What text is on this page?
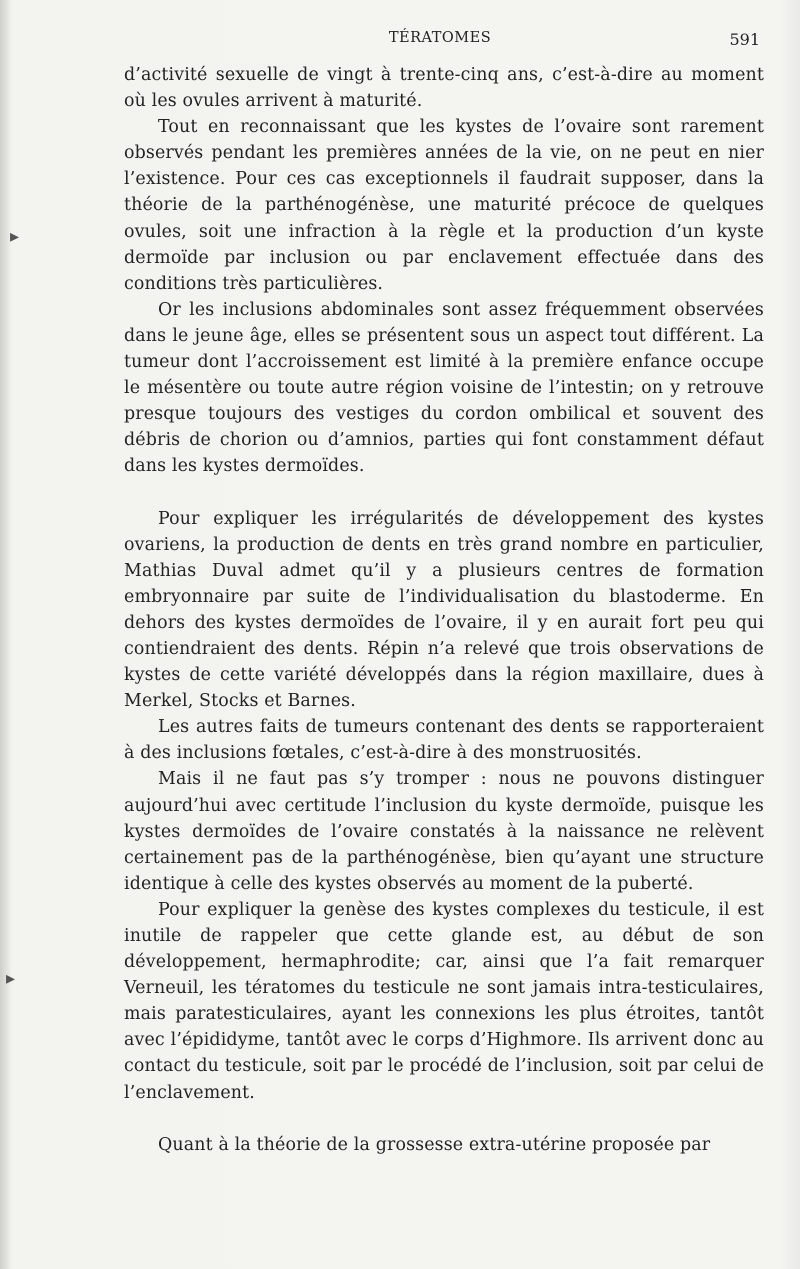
TÉRATOMES	591

d’activité sexuelle de vingt à trente-cinq ans, c’est-à-dire au moment où les ovules arrivent à maturité.

Tout en reconnaissant que les kystes de l’ovaire sont rarement observés pendant les premières années de la vie, on ne peut en nier l’existence. Pour ces cas exceptionnels il faudrait supposer, dans la théorie de la parthénogénèse, une maturité précoce de quelques ovules, soit une infraction à la règle et la production d’un kyste dermoïde par inclusion ou par enclavement effectuée dans des conditions très particulières.

Or les inclusions abdominales sont assez fréquemment observées dans le jeune âge, elles se présentent sous un aspect tout différent. La tumeur dont l’accroissement est limité à la première enfance occupe le mésentère ou toute autre région voisine de l’intestin; on y retrouve presque toujours des vestiges du cordon ombilical et souvent des débris de chorion ou d’amnios, parties qui font constamment défaut dans les kystes dermoïdes.

Pour expliquer les irrégularités de développement des kystes ovariens, la production de dents en très grand nombre en particulier, Mathias Duval admet qu’il y a plusieurs centres de formation embryonnaire par suite de l’individualisation du blastoderme. En dehors des kystes dermoïdes de l’ovaire, il y en aurait fort peu qui contiendraient des dents. Répin n’a relevé que trois observations de kystes de cette variété développés dans la région maxillaire, dues à Merkel, Stocks et Barnes.

Les autres faits de tumeurs contenant des dents se rapporteraient à des inclusions fœtales, c’est-à-dire à des monstruosités.

Mais il ne faut pas s’y tromper : nous ne pouvons distinguer aujourd’hui avec certitude l’inclusion du kyste dermoïde, puisque les kystes dermoïdes de l’ovaire constatés à la naissance ne relèvent certainement pas de la parthénogénèse, bien qu’ayant une structure identique à celle des kystes observés au moment de la puberté.

Pour expliquer la genèse des kystes complexes du testicule, il est inutile de rappeler que cette glande est, au début de son développement, hermaphrodite; car, ainsi que l’a fait remarquer Verneuil, les tératomes du testicule ne sont jamais intra-testiculaires, mais paratesticulaires, ayant les connexions les plus étroites, tantôt avec l’épididyme, tantôt avec le corps d’Highmore. Ils arrivent donc au contact du testicule, soit par le procédé de l’inclusion, soit par celui de l’enclavement.

Quant à la théorie de la grossesse extra-utérine proposée par

▸
▸
